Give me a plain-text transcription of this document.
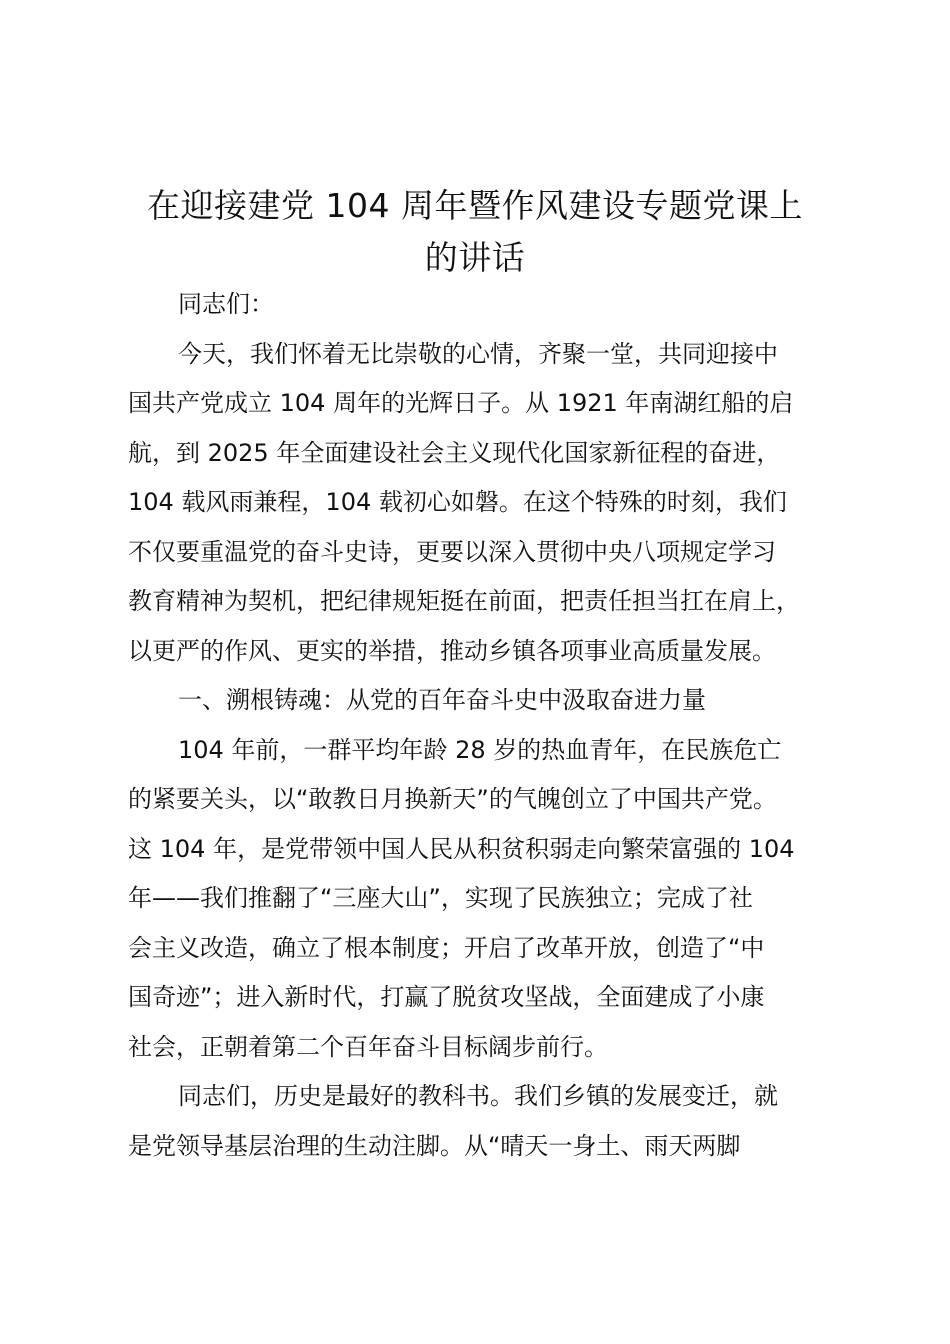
在迎接建党 104 周年暨作风建设专题党课上
的讲话

同志们：

今天，我们怀着无比崇敬的心情，齐聚一堂，共同迎接中
国共产党成立 104 周年的光辉日子。从 1921 年南湖红船的启
航，到 2025 年全面建设社会主义现代化国家新征程的奋进，
104 载风雨兼程，104 载初心如磐。在这个特殊的时刻，我们
不仅要重温党的奋斗史诗，更要以深入贯彻中央八项规定学习
教育精神为契机，把纪律规矩挺在前面，把责任担当扛在肩上，
以更严的作风、更实的举措，推动乡镇各项事业高质量发展。

一、溯根铸魂：从党的百年奋斗史中汲取奋进力量

104 年前，一群平均年龄 28 岁的热血青年，在民族危亡
的紧要关头，以“敢教日月换新天”的气魄创立了中国共产党。
这 104 年，是党带领中国人民从积贫积弱走向繁荣富强的 104
年——我们推翻了“三座大山”，实现了民族独立；完成了社
会主义改造，确立了根本制度；开启了改革开放，创造了“中
国奇迹”；进入新时代，打赢了脱贫攻坚战，全面建成了小康
社会，正朝着第二个百年奋斗目标阔步前行。

同志们，历史是最好的教科书。我们乡镇的发展变迁，就
是党领导基层治理的生动注脚。从“晴天一身土、雨天两脚
